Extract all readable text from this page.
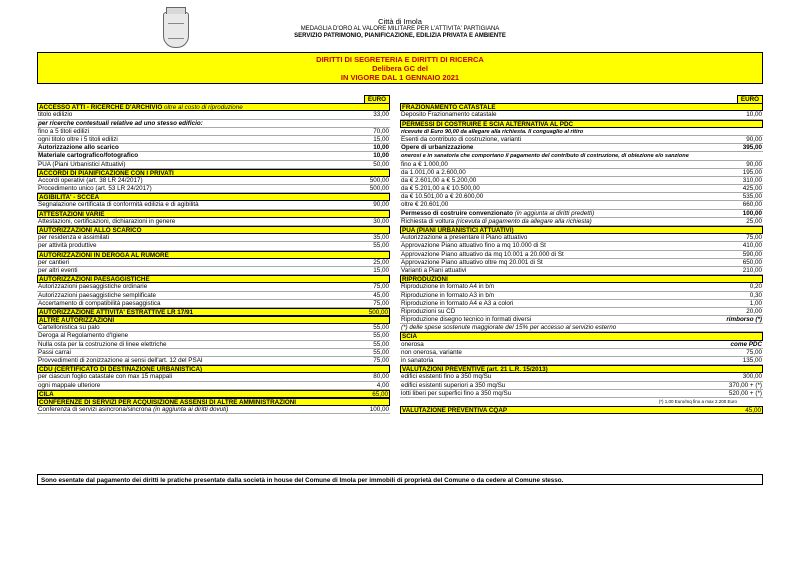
Città di Imola
MEDAGLIA D'ORO AL VALORE MILITARE PER L'ATTIVITA' PARTIGIANA
SERVIZIO PATRIMONIO, PIANIFICAZIONE, EDILIZIA PRIVATA E AMBIENTE
DIRITTI DI SEGRETERIA E DIRITTI DI RICERCA
Delibera GC del
IN VIGORE DAL 1 GENNAIO 2021
EURO
ACCESSO ATTI - RICERCHE D'ARCHIVIO oltre al costo di riproduzione
titolo edilizio	33,00
per ricerche contestuali relative ad uno stesso edificio:
fino a 5 titoli edilizi	70,00
ogni titolo oltre i 5 titoli edilizi	15,00
Autorizzazione allo scarico	10,00
Materiale cartografico/fotografico	10,00
PUA (Piani Urbanistici Attuativi)	50,00
ACCORDI DI PIANIFICAZIONE CON I PRIVATI
Accordi operativi (art. 38 LR 24/2017)	500,00
Procedimento unico (art. 53 LR 24/2017)	500,00
AGIBILITA' - SCCEA
Segnalazione certificata di conformità edilizia e di agibilità	90,00
ATTESTAZIONI VARIE
Attestazioni, certificazioni, dichiarazioni in genere	30,00
AUTORIZZAZIONI ALLO SCARICO
per residenza e assimilati	35,00
per attività produttive	55,00
AUTORIZZAZIONI IN DEROGA AL RUMORE
per cantieri	25,00
per altri eventi	15,00
AUTORIZZAZIONI PAESAGGISTICHE
Autorizzazioni paesaggistiche ordinarie	75,00
Autorizzazioni paesaggistiche semplificate	45,00
Accertamento di compatibilità paesaggistica	75,00
AUTORIZZAZIONE ATTIVITA' ESTRATTIVE LR 17/91	500,00
ALTRE AUTORIZZAZIONI
Cartellonistica su palo	55,00
Deroga al Regolamento d'Igiene	55,00
Nulla osta per la costruzione di linee elettriche	55,00
Passi carrai	55,00
Provvedimenti di zonizzazione ai sensi dell'art. 12 del PSAI	75,00
CDU (CERTIFICATO DI DESTINAZIONE URBANISTICA)
per ciascun foglio catastale con max 15 mappali	80,00
ogni mappale ulteriore	4,00
CILA	65,00
CONFERENZE DI SERVIZI PER ACQUISIZIONE ASSENSI DI ALTRE AMMINISTRAZIONI
Conferenza di servizi asincrona/sincrona (in aggiunta ai diritti dovuti)	100,00
EURO
FRAZIONAMENTO CATASTALE
Deposito Frazionamento catastale	10,00
PERMESSI DI COSTRUIRE E SCIA ALTERNATIVA AL PDC
ricevute di Euro 90,00 da allegare alla richiesta. Il conguaglio al ritiro
Esenti da contributo di costruzione, varianti	90,00
Opere di urbanizzazione	395,00
onerosi e in sanatoria che comportano il pagamento del contributo di costruzione, di obiezione e/o sanzione
fino a € 1.000,00	90,00
da 1.001,00 a 2.600,00	195,00
da € 2.601,00 a € 5.200,00	310,00
da € 5.201,00 a € 10.500,00	425,00
da € 10.501,00 a € 20.600,00	535,00
oltre € 20.601,00	660,00
Permesso di costruire convenzionato (in aggiunta ai diritti predetti)	100,00
Richiesta di voltura (ricevuta di pagamento da allegare alla richiesta)	25,00
PUA (PIANI URBANISTICI ATTUATIVI)
Autorizzazione a presentare il Piano attuativo	75,00
Approvazione Piano attuativo fino a mq 10.000 di St	410,00
Approvazione Piano attuativo da mq 10.001 a 20.000 di St	590,00
Approvazione Piano attuativo oltre mq 20.001 di St	650,00
Varianti a Piani attuativi	210,00
RIPRODUZIONI
Riproduzione in formato A4 in b/n	0,20
Riproduzione in formato A3 in b/n	0,30
Riproduzione in formato A4 e A3 a colori	1,00
Riproduzioni su CD	20,00
Riproduzione disegno tecnico in formati diversi	rimborso (*)
(*) delle spese sostenute maggiorate del 15% per accesso al servizio esterno
SCIA
onerosa	come PDC
non onerosa, variante	75,00
in sanatoria	135,00
VALUTAZIONI PREVENTIVE (art. 21 L.R. 15/2013)
edifici esistenti fino a 350 mq/Su	300,00
edifici esistenti superiori a 350 mq/Su	370,00 + (*)
lotti liberi per superfici fino a 350 mq/Su	520,00 + (*)
(*) 1,00 Euro/mq fino a max 2.200 Euro
VALUTAZIONE PREVENTIVA CQAP	45,00
Sono esentate dal pagamento dei diritti le pratiche presentate dalla società in house del Comune di Imola per immobili di proprietà del Comune o da cedere al Comune stesso.
